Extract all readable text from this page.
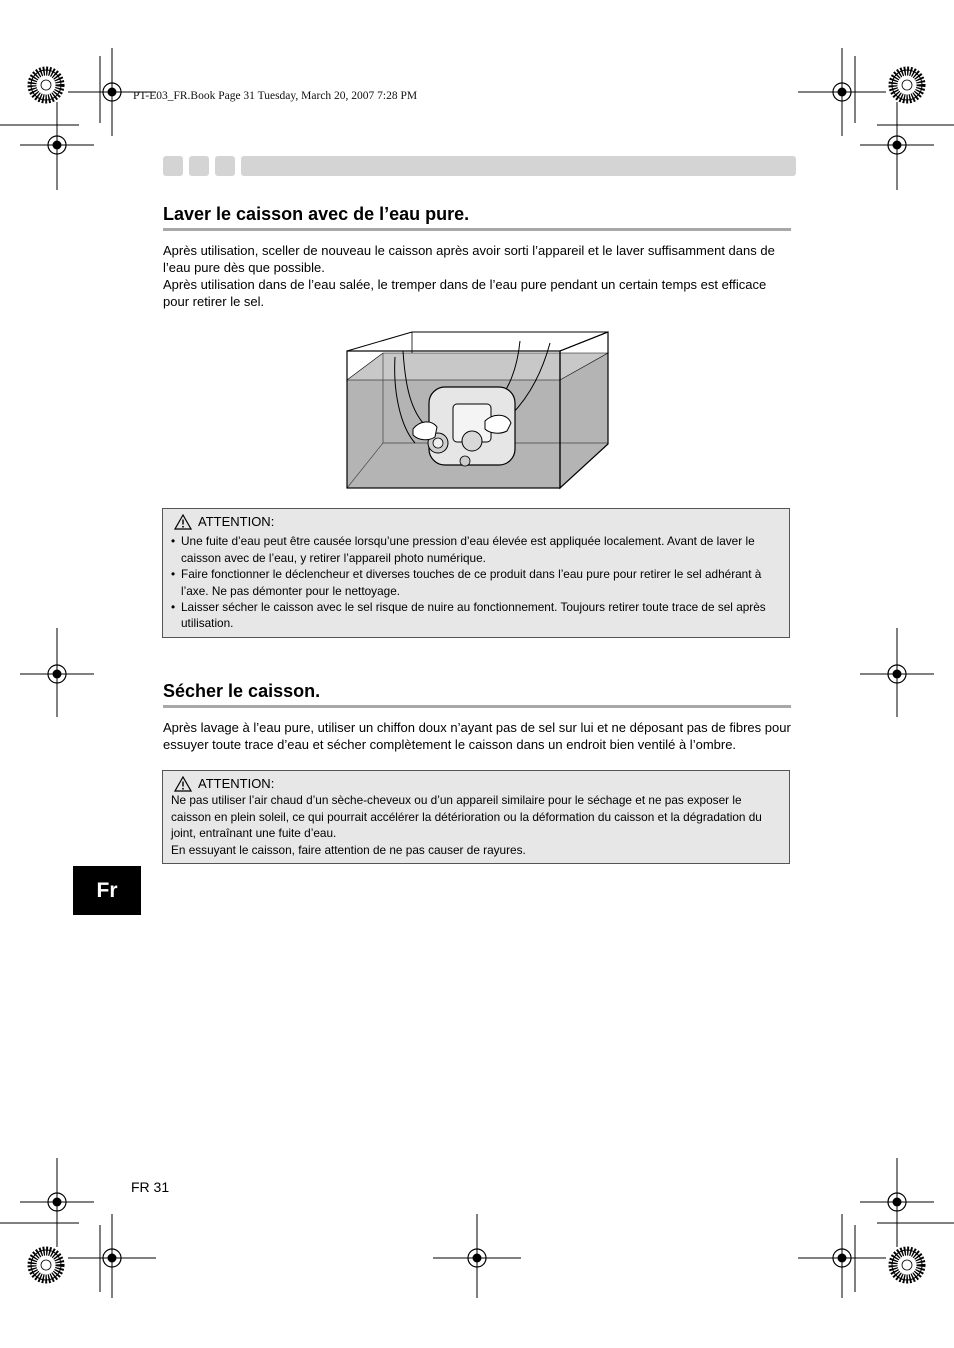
PT-E03_FR.Book Page 31 Tuesday, March 20, 2007 7:28 PM
Laver le caisson avec de l’eau pure.

Après utilisation, sceller de nouveau le caisson après avoir sorti l’appareil et le laver suffisamment dans de l’eau pure dès que possible.

Après utilisation dans de l’eau salée, le tremper dans de l’eau pure pendant un certain temps est efficace pour retirer le sel.

ATTENTION:
• Une fuite d’eau peut être causée lorsqu’une pression d’eau élevée est appliquée localement. Avant de laver le caisson avec de l’eau, y retirer l’appareil photo numérique.
• Faire fonctionner le déclencheur et diverses touches de ce produit dans l’eau pure pour retirer le sel adhérant à l’axe. Ne pas démonter pour le nettoyage.
• Laisser sécher le caisson avec le sel risque de nuire au fonctionnement. Toujours retirer toute trace de sel après utilisation.
Sécher le caisson.

Après lavage à l’eau pure, utiliser un chiffon doux n’ayant pas de sel sur lui et ne déposant pas de fibres pour essuyer toute trace d’eau et sécher complètement le caisson dans un endroit bien ventilé à l’ombre.

ATTENTION:

Ne pas utiliser l’air chaud d’un sèche-cheveux ou d’un appareil similaire pour le séchage et ne pas exposer le caisson en plein soleil, ce qui pourrait accélérer la détérioration ou la déformation du caisson et la dégradation du joint, entraînant une fuite d’eau.

En essuyant le caisson, faire attention de ne pas causer de rayures.

Fr
FR 31
